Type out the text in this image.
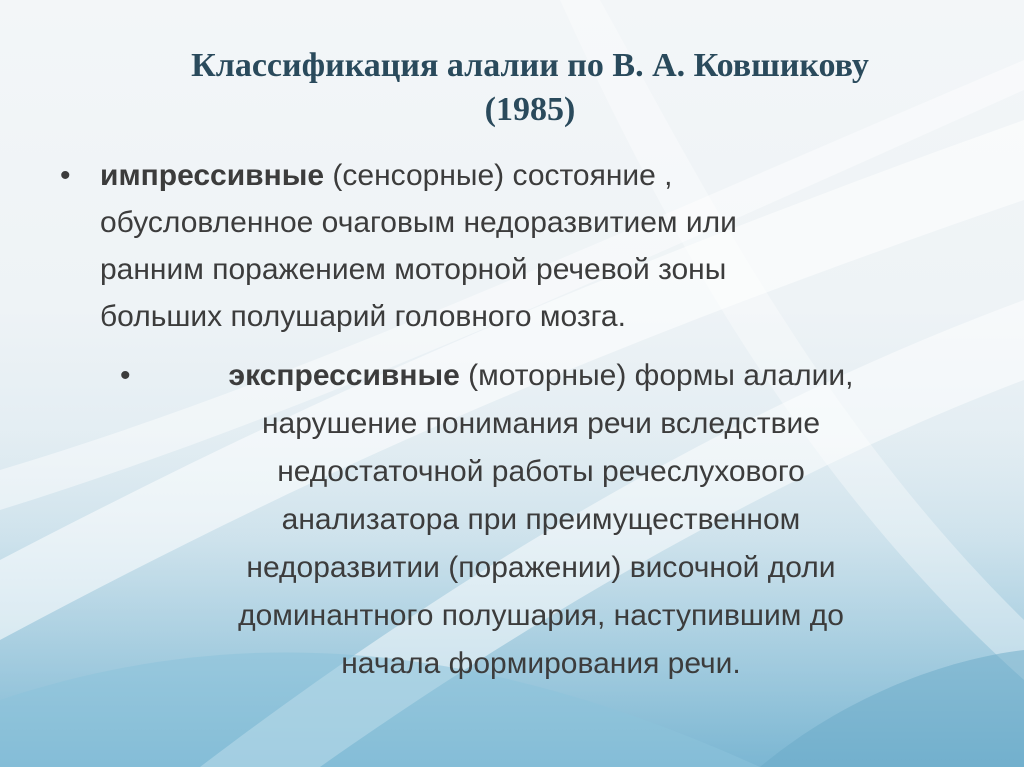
Классификация алалии по В. А. Ковшикову
(1985)
• импрессивные (сенсорные) состояние ,
обусловленное очаговым недоразвитием или
ранним поражением моторной речевой зоны
больших полушарий головного мозга.
•	экспрессивные (моторные) формы алалии,
нарушение понимания речи вследствие
недостаточной работы речеслухового
анализатора при преимущественном
недоразвитии (поражении) височной доли
доминантного полушария, наступившим до
начала формирования речи.
